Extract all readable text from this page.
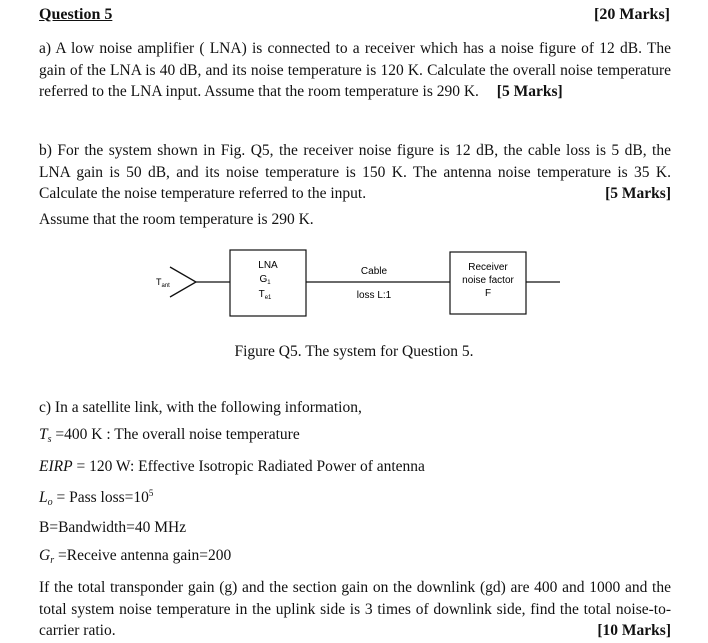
Question 5	[20 Marks]
a) A low noise amplifier ( LNA) is connected to a receiver which has a noise figure of 12 dB. The gain of the LNA is 40 dB, and its noise temperature is 120 K. Calculate the overall noise temperature referred to the LNA input. Assume that the room temperature is 290 K. [5 Marks]
b) For the system shown in Fig. Q5, the receiver noise figure is 12 dB, the cable loss is 5 dB, the LNA gain is 50 dB, and its noise temperature is 150 K. The antenna noise temperature is 35 K. Calculate the noise temperature referred to the input.	[5 Marks]
Assume that the room temperature is 290 K.
$T_{ant}$
LNA
$G_1$
$T_{e1}$
Cable
loss L:1
Receiver
noise factor
F
Figure Q5. The system for Question 5.
c) In a satellite link, with the following information,
$T_s =400$ K : The overall noise temperature
EIRP = 120 W: Effective Isotropic Radiated Power of antenna
$L_o$ = Pass $loss=10^5$
B=Bandwidth=40 MHz
$G_r$ =Receive antenna gain=200
If the total transponder gain (g) and the section gain on the downlink (gd) are 400 and 1000 and the total system noise temperature in the uplink side is 3 times of downlink side, find the total noise-to-carrier ratio.	[10 Marks]
